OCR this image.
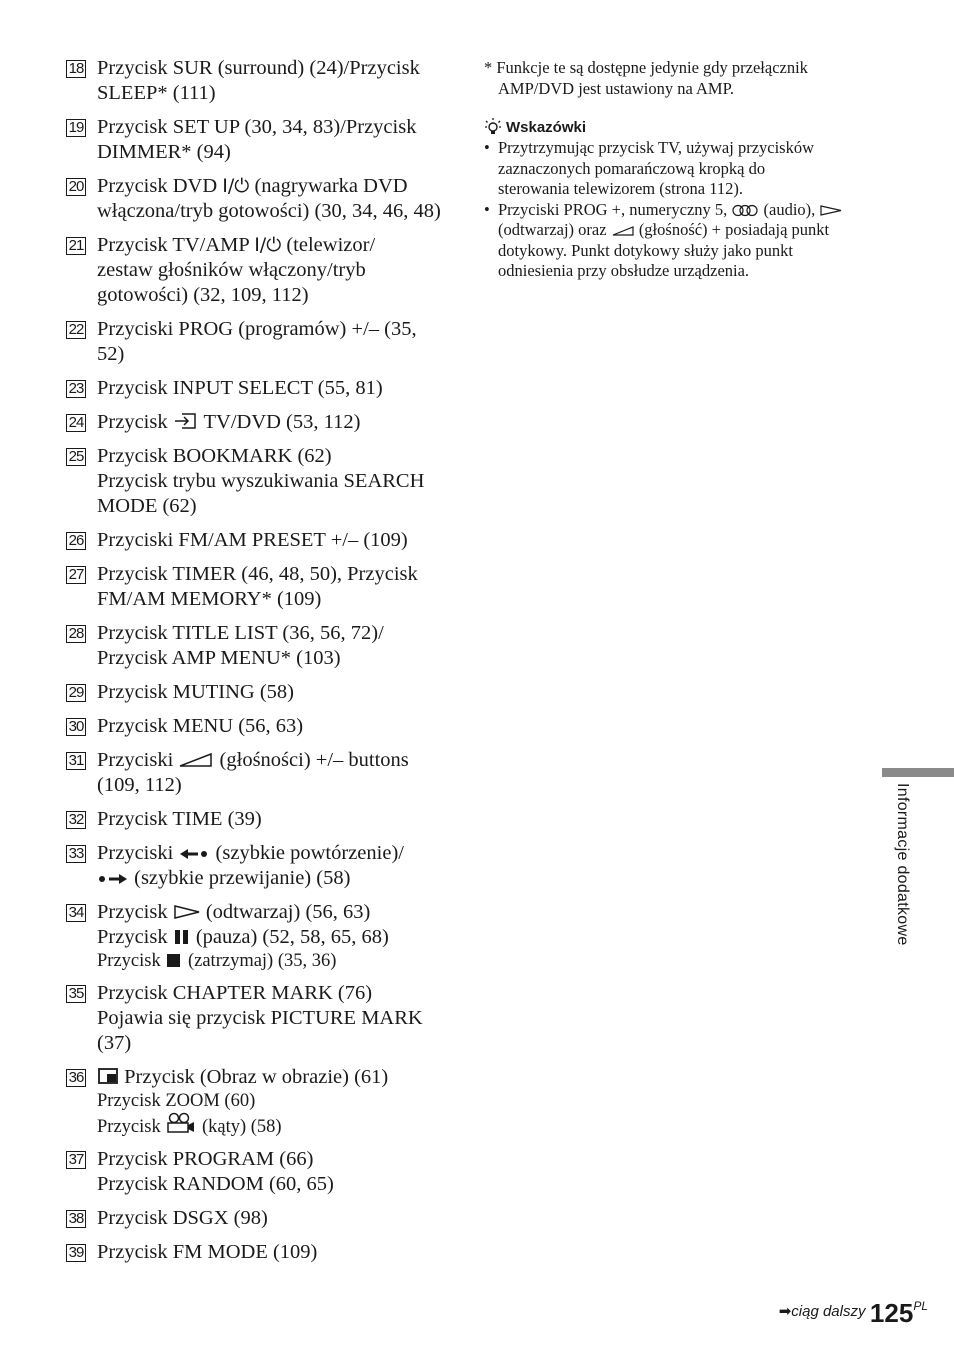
18 Przycisk SUR (surround) (24)/Przycisk
SLEEP* (111)
19 Przycisk SET UP (30, 34, 83)/Przycisk
DIMMER* (94)
20 Przycisk DVD I/⏻ (nagrywarka DVD
włączona/tryb gotowości) (30, 34, 46, 48)
21 Przycisk TV/AMP I/⏻ (telewizor/
zestaw głośników włączony/tryb
gotowości) (32, 109, 112)
22 Przyciski PROG (programów) +/– (35,
52)
23 Przycisk INPUT SELECT (55, 81)
24 Przycisk  TV/DVD (53, 112)
25 Przycisk BOOKMARK (62)
Przycisk trybu wyszukiwania SEARCH
MODE (62)
26 Przyciski FM/AM PRESET +/– (109)
27 Przycisk TIMER (46, 48, 50), Przycisk
FM/AM MEMORY* (109)
28 Przycisk TITLE LIST (36, 56, 72)/
Przycisk AMP MENU* (103)
29 Przycisk MUTING (58)
30 Przycisk MENU (56, 63)
31 Przyciski  (głośności) +/– buttons
(109, 112)
32 Przycisk TIME (39)
33 Przyciski  (szybkie powtórzenie)/
(szybkie przewijanie) (58)
34 Przycisk  (odtwarzaj) (56, 63)
Przycisk  (pauza) (52, 58, 65, 68)
Przycisk  (zatrzymaj) (35, 36)
35 Przycisk CHAPTER MARK (76)
Pojawia się przycisk PICTURE MARK
(37)
36	Przycisk (Obraz w obrazie) (61)
Przycisk ZOOM (60)
Przycisk  (kąty) (58)
37 Przycisk PROGRAM (66)
Przycisk RANDOM (60, 65)
38 Przycisk DSGX (98)
39 Przycisk FM MODE (109)
* Funkcje te są dostępne jedynie gdy przełącznik
AMP/DVD jest ustawiony na AMP.
Wskazówki
• Przytrzymując przycisk TV, używaj przycisków
zaznaczonych pomarańczową kropką do
sterowania telewizorem (strona 112).
• Przyciski PROG +, numeryczny 5,  (audio),
(odtwarzaj) oraz  (głośność) + posiadają punkt
dotykowy. Punkt dotykowy służy jako punkt
odniesienia przy obsłudze urządzenia.
Informacje dodatkowe
➡ciąg dalszy $125^{PL}$
